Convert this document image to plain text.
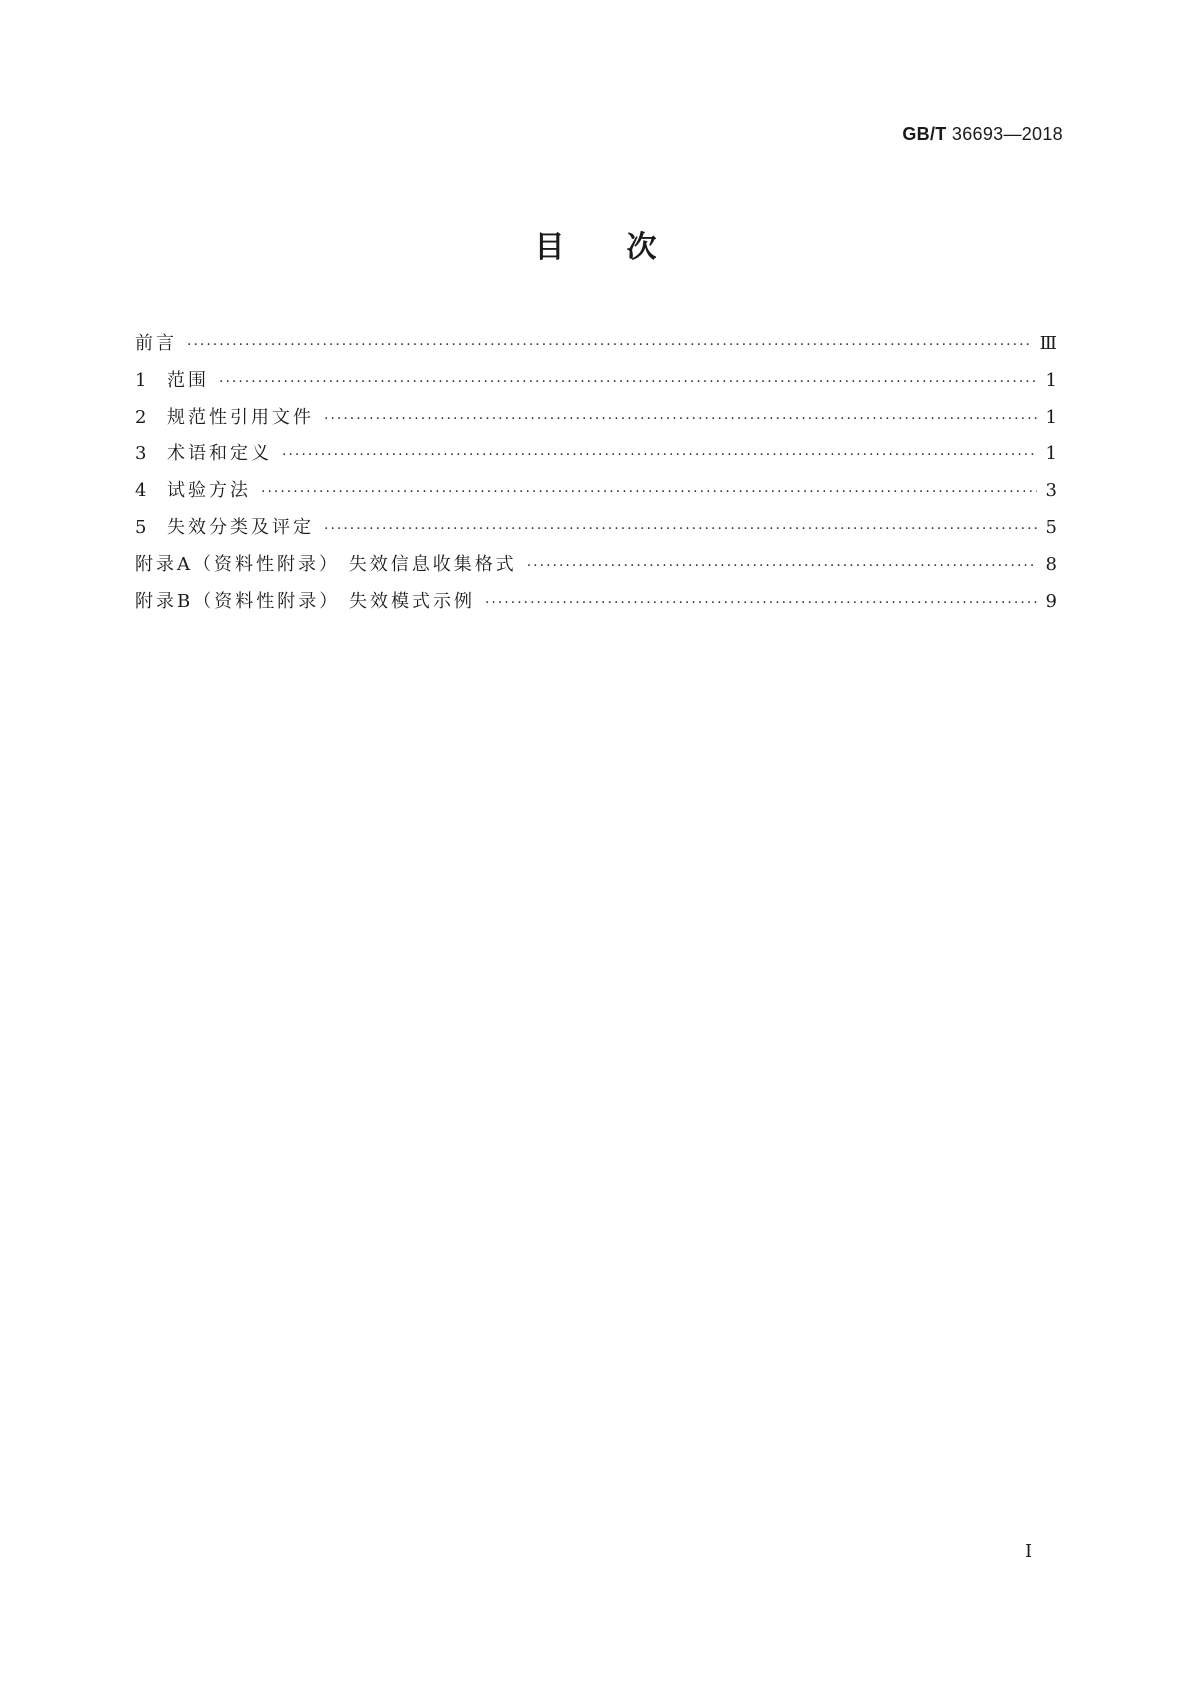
GB/T 36693—2018
目次
前言 ·····	Ⅲ
1	范围 ·····	1
2	规范性引用文件 ·····	1
3	术语和定义 ·····	1
4	试验方法 ·····	3
5	失效分类及评定 ·····	5
附录A（资料性附录） 失效信息收集格式 ·····	8
附录B（资料性附录） 失效模式示例 ·····	9
I
